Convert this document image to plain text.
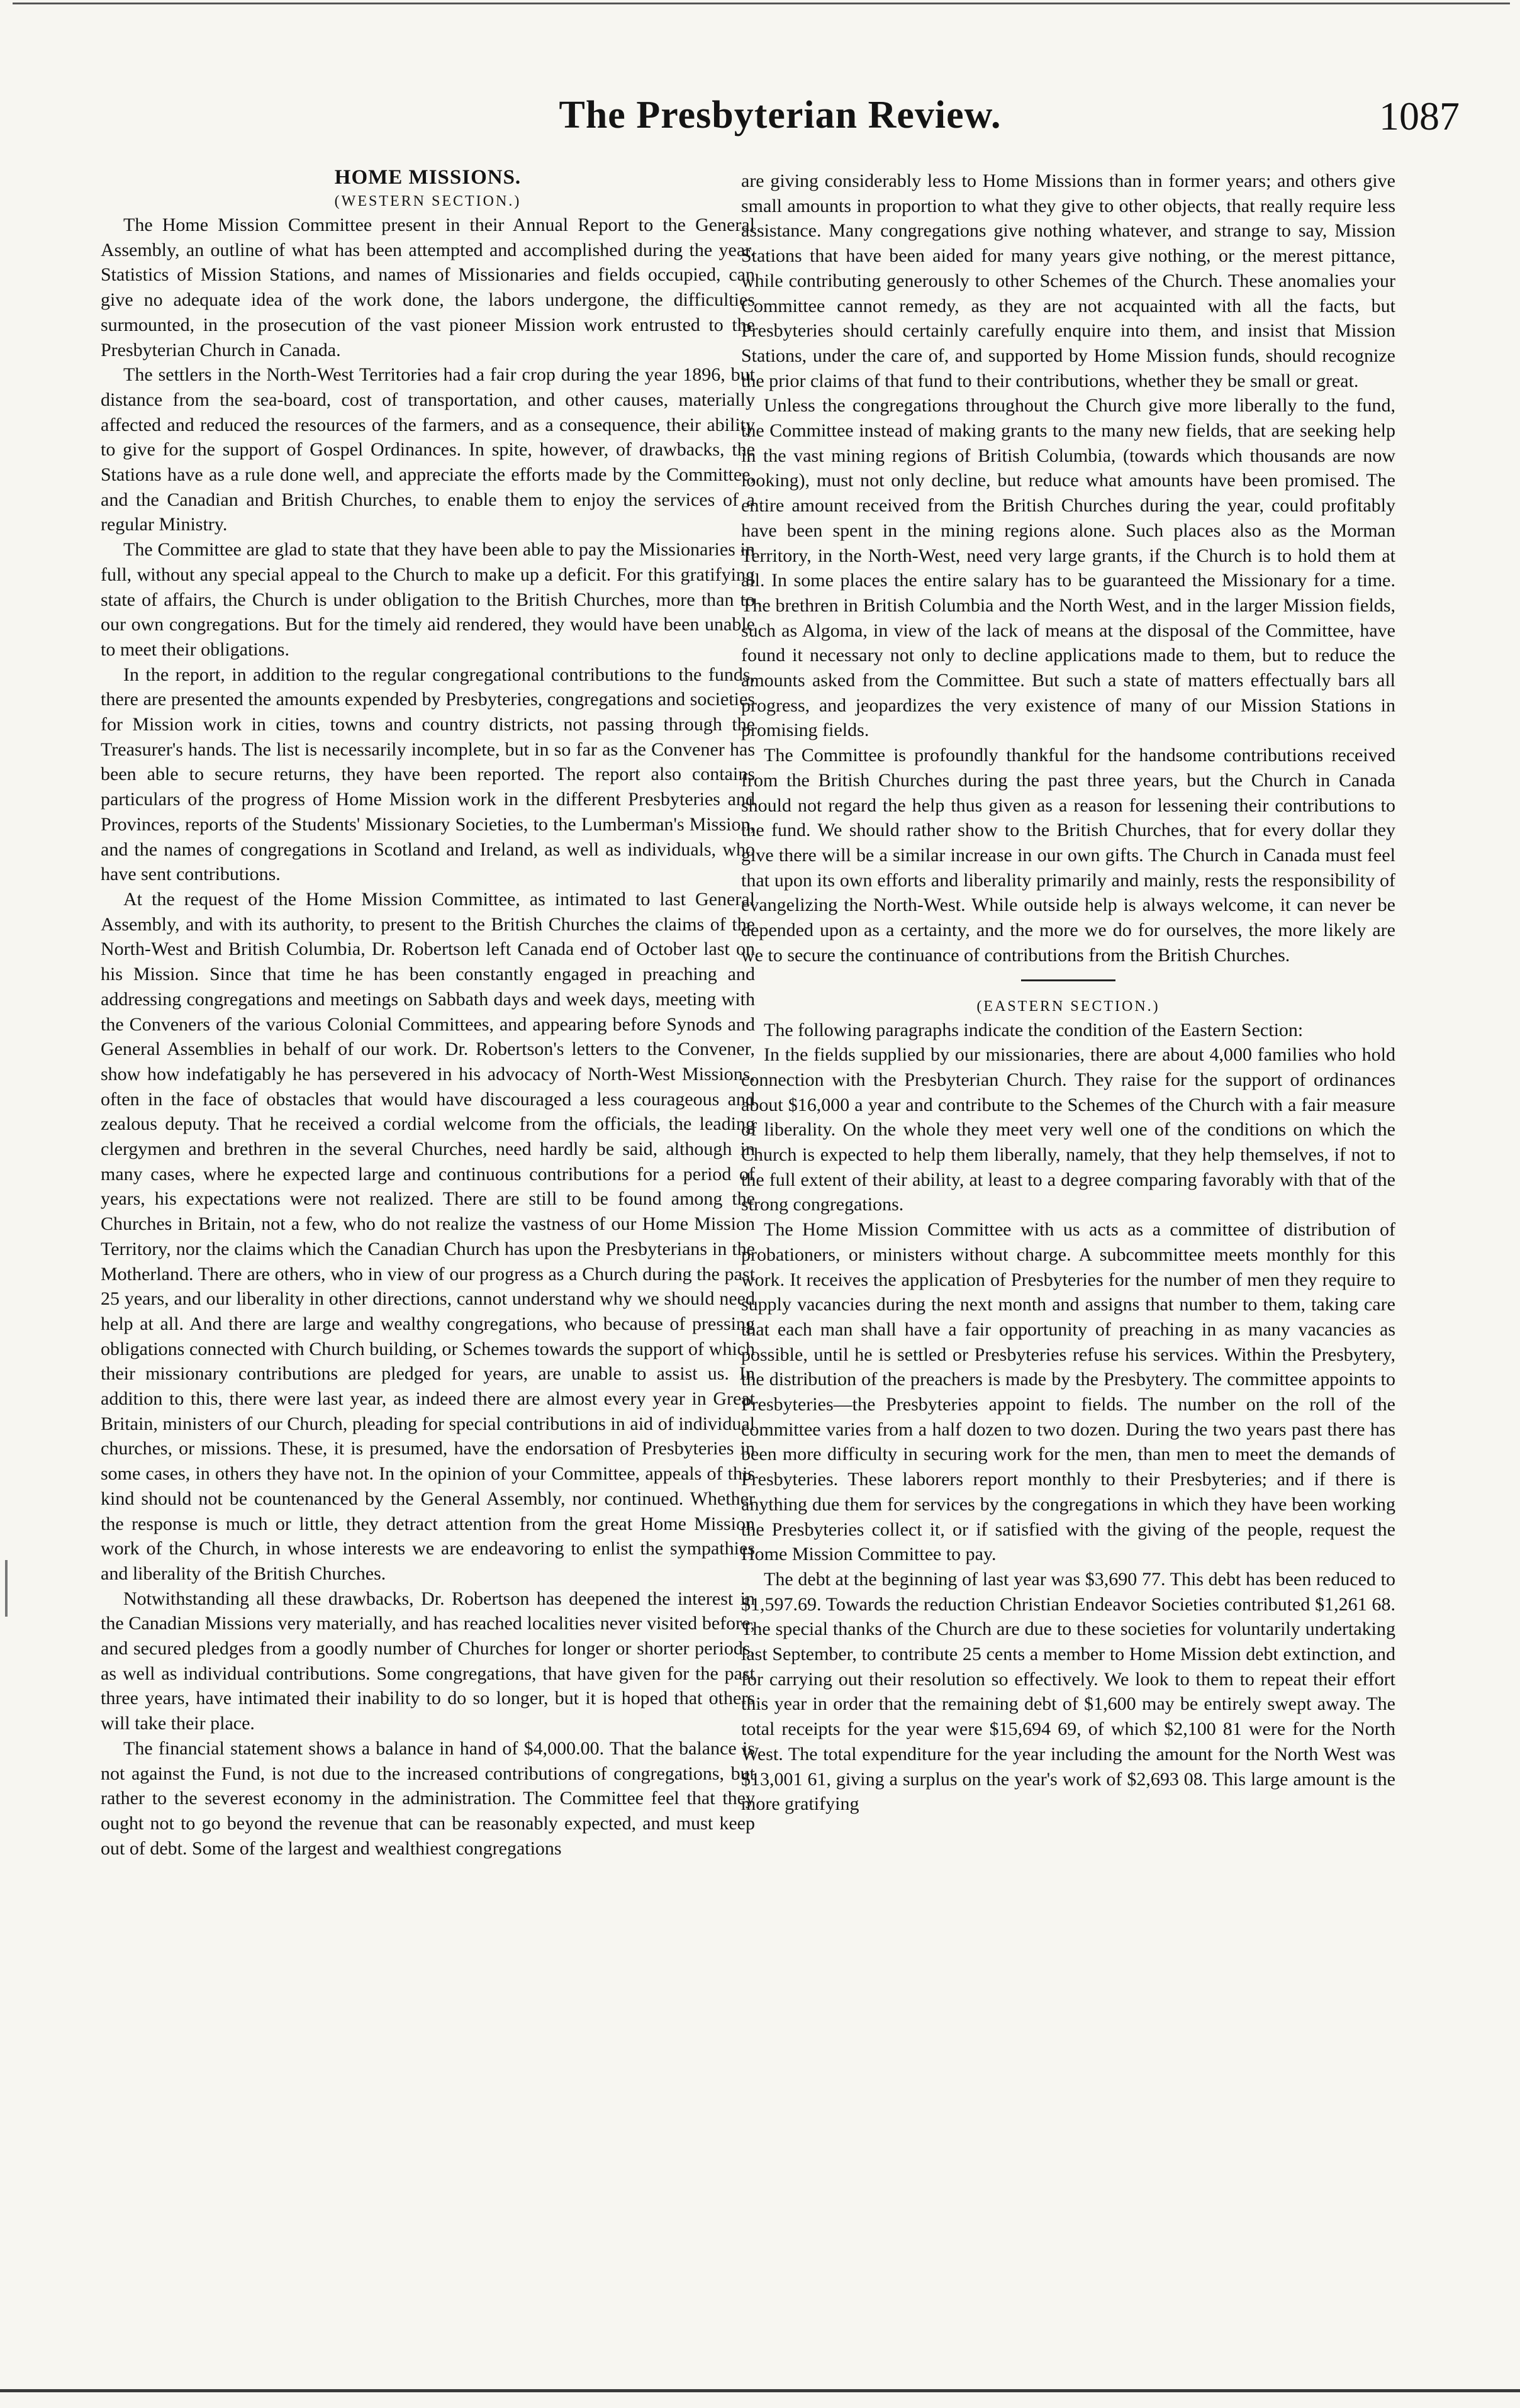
The Presbyterian Review.	1087
HOME MISSIONS.
(WESTERN SECTION.)

The Home Mission Committee present in their Annual Report to the General Assembly, an outline of what has been attempted and accomplished during the year. Statistics of Mission Stations, and names of Missionaries and fields occupied, can give no adequate idea of the work done, the labors undergone, the difficulties surmounted, in the prosecution of the vast pioneer Mission work entrusted to the Presbyterian Church in Canada.

The settlers in the North-West Territories had a fair crop during the year 1896, but distance from the sea-board, cost of transportation, and other causes, materially affected and reduced the resources of the farmers, and as a consequence, their ability to give for the support of Gospel Ordinances. In spite, however, of drawbacks, the Stations have as a rule done well, and appreciate the efforts made by the Committee, and the Canadian and British Churches, to enable them to enjoy the services of a regular Ministry.

The Committee are glad to state that they have been able to pay the Missionaries in full, without any special appeal to the Church to make up a deficit. For this gratifying state of affairs, the Church is under obligation to the British Churches, more than to our own congregations. But for the timely aid rendered, they would have been unable to meet their obligations.

In the report, in addition to the regular congregational contributions to the funds, there are presented the amounts expended by Presbyteries, congregations and societies for Mission work in cities, towns and country districts, not passing through the Treasurer's hands. The list is necessarily incomplete, but in so far as the Convener has been able to secure returns, they have been reported. The report also contains particulars of the progress of Home Mission work in the different Presbyteries and Provinces, reports of the Students' Missionary Societies, to the Lumberman's Mission, and the names of congregations in Scotland and Ireland, as well as individuals, who have sent contributions.

At the request of the Home Mission Committee, as intimated to last General Assembly, and with its authority, to present to the British Churches the claims of the North-West and British Columbia, Dr. Robertson left Canada end of October last on his Mission. Since that time he has been constantly engaged in preaching and addressing congregations and meetings on Sabbath days and week days, meeting with the Conveners of the various Colonial Committees, and appearing before Synods and General Assemblies in behalf of our work. Dr. Robertson's letters to the Convener, show how indefatigably he has persevered in his advocacy of North-West Missions, often in the face of obstacles that would have discouraged a less courageous and zealous deputy. That he received a cordial welcome from the officials, the leading clergymen and brethren in the several Churches, need hardly be said, although in many cases, where he expected large and continuous contributions for a period of years, his expectations were not realized. There are still to be found among the Churches in Britain, not a few, who do not realize the vastness of our Home Mission Territory, nor the claims which the Canadian Church has upon the Presbyterians in the Motherland. There are others, who in view of our progress as a Church during the past 25 years, and our liberality in other directions, cannot understand why we should need help at all. And there are large and wealthy congregations, who because of pressing obligations connected with Church building, or Schemes towards the support of which their missionary contributions are pledged for years, are unable to assist us. In addition to this, there were last year, as indeed there are almost every year in Great Britain, ministers of our Church, pleading for special contributions in aid of individual churches, or missions. These, it is presumed, have the endorsation of Presbyteries in some cases, in others they have not. In the opinion of your Committee, appeals of this kind should not be countenanced by the General Assembly, nor continued. Whether the response is much or little, they detract attention from the great Home Mission work of the Church, in whose interests we are endeavoring to enlist the sympathies and liberality of the British Churches.

Notwithstanding all these drawbacks, Dr. Robertson has deepened the interest in the Canadian Missions very materially, and has reached localities never visited before, and secured pledges from a goodly number of Churches for longer or shorter periods, as well as individual contributions. Some congregations, that have given for the past three years, have intimated their inability to do so longer, but it is hoped that others will take their place.

The financial statement shows a balance in hand of $4,000.00. That the balance is not against the Fund, is not due to the increased contributions of congregations, but rather to the severest economy in the administration. The Committee feel that they ought not to go beyond the revenue that can be reasonably expected, and must keep out of debt. Some of the largest and wealthiest congregations

are giving considerably less to Home Missions than in former years; and others give small amounts in proportion to what they give to other objects, that really require less assistance. Many congregations give nothing whatever, and strange to say, Mission Stations that have been aided for many years give nothing, or the merest pittance, while contributing generously to other Schemes of the Church. These anomalies your Committee cannot remedy, as they are not acquainted with all the facts, but Presbyteries should certainly carefully enquire into them, and insist that Mission Stations, under the care of, and supported by Home Mission funds, should recognize the prior claims of that fund to their contributions, whether they be small or great.

Unless the congregations throughout the Church give more liberally to the fund, the Committee instead of making grants to the many new fields, that are seeking help in the vast mining regions of British Columbia, (towards which thousands are now looking), must not only decline, but reduce what amounts have been promised. The entire amount received from the British Churches during the year, could profitably have been spent in the mining regions alone. Such places also as the Morman Territory, in the North-West, need very large grants, if the Church is to hold them at all. In some places the entire salary has to be guaranteed the Missionary for a time. The brethren in British Columbia and the North West, and in the larger Mission fields, such as Algoma, in view of the lack of means at the disposal of the Committee, have found it necessary not only to decline applications made to them, but to reduce the amounts asked from the Committee. But such a state of matters effectually bars all progress, and jeopardizes the very existence of many of our Mission Stations in promising fields.

The Committee is profoundly thankful for the handsome contributions received from the British Churches during the past three years, but the Church in Canada should not regard the help thus given as a reason for lessening their contributions to the fund. We should rather show to the British Churches, that for every dollar they give there will be a similar increase in our own gifts. The Church in Canada must feel that upon its own efforts and liberality primarily and mainly, rests the responsibility of evangelizing the North-West. While outside help is always welcome, it can never be depended upon as a certainty, and the more we do for ourselves, the more likely are we to secure the continuance of contributions from the British Churches.

(EASTERN SECTION.)

The following paragraphs indicate the condition of the Eastern Section:

In the fields supplied by our missionaries, there are about 4,000 families who hold connection with the Presbyterian Church. They raise for the support of ordinances about $16,000 a year and contribute to the Schemes of the Church with a fair measure of liberality. On the whole they meet very well one of the conditions on which the Church is expected to help them liberally, namely, that they help themselves, if not to the full extent of their ability, at least to a degree comparing favorably with that of the strong congregations.

The Home Mission Committee with us acts as a committee of distribution of probationers, or ministers without charge. A subcommittee meets monthly for this work. It receives the application of Presbyteries for the number of men they require to supply vacancies during the next month and assigns that number to them, taking care that each man shall have a fair opportunity of preaching in as many vacancies as possible, until he is settled or Presbyteries refuse his services. Within the Presbytery, the distribution of the preachers is made by the Presbytery. The committee appoints to Presbyteries—the Presbyteries appoint to fields. The number on the roll of the committee varies from a half dozen to two dozen. During the two years past there has been more difficulty in securing work for the men, than men to meet the demands of Presbyteries. These laborers report monthly to their Presbyteries; and if there is anything due them for services by the congregations in which they have been working the Presbyteries collect it, or if satisfied with the giving of the people, request the Home Mission Committee to pay.

The debt at the beginning of last year was $3,690 77. This debt has been reduced to $1,597.69. Towards the reduction Christian Endeavor Societies contributed $1,261 68. The special thanks of the Church are due to these societies for voluntarily undertaking last September, to contribute 25 cents a member to Home Mission debt extinction, and for carrying out their resolution so effectively. We look to them to repeat their effort this year in order that the remaining debt of $1,600 may be entirely swept away. The total receipts for the year were $15,694 69, of which $2,100 81 were for the North West. The total expenditure for the year including the amount for the North West was $13,001 61, giving a surplus on the year's work of $2,693 08. This large amount is the more gratifying
